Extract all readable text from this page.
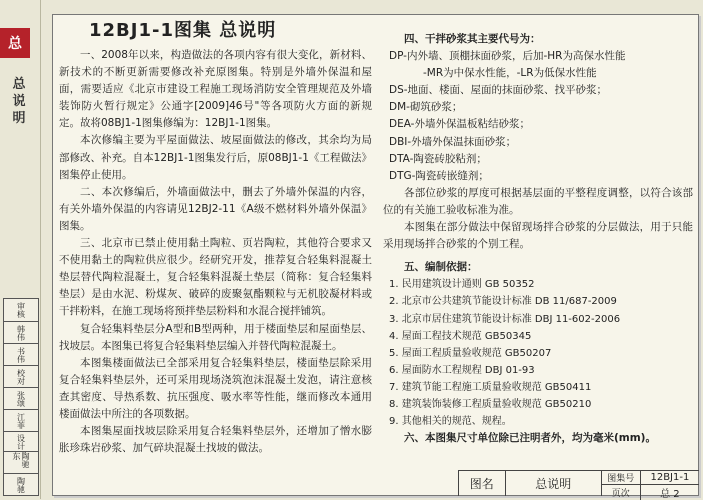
总
总说明
审核
韩伟
书伟
校对
张颂
江菲
设计
陶驰东
陶驰
12BJ1-1图集 总说明

一、2008年以来，构造做法的各项内容有很大变化，新材料、新技术的不断更新需要修改补充原图集。特别是外墙外保温和屋面，需要适应《北京市建设工程施工现场消防安全管理规范及外墙装饰防火暂行规定》公通字[2009]46号"等各项防火方面的新规定。故将08BJ1-1图集修编为：12BJ1-1图集。

本次修编主要为平屋面做法、坡屋面做法的修改，其余均为局部修改、补充。自本12BJ1-1图集发行后，原08BJ1-1《工程做法》图集停止使用。

二、本次修编后，外墙面做法中，删去了外墙外保温的内容，有关外墙外保温的内容请见12BJ2-11《A级不燃材料外墙外保温》图集。

三、北京市已禁止使用黏土陶粒、页岩陶粒，其他符合要求又不使用黏土的陶粒供应很少。经研究开发，推荐复合轻集料混凝土垫层替代陶粒混凝土，复合轻集料混凝土垫层（简称：复合轻集料垫层）是由水泥、粉煤灰、破碎的废聚氨酯颗粒与无机胶凝材料或干拌粉料，在施工现场将预拌垫层粉料和水混合搅拌铺筑。

复合轻集料垫层分A型和B型两种，用于楼面垫层和屋面垫层、找坡层。本图集已将复合轻集料垫层编入并替代陶粒混凝土。

本图集楼面做法已全部采用复合轻集料垫层，楼面垫层除采用复合轻集料垫层外，还可采用现场浇筑泡沫混凝土发泡，请注意核查其密度、导热系数、抗压强度、吸水率等性能，继而修改本通用楼面做法中所注的各项数据。

本图集屋面找坡层除采用复合轻集料垫层外，还增加了憎水膨胀珍珠岩砂浆、加气碎块混凝土找坡的做法。

四、干拌砂浆其主要代号为：

DP-内外墙、顶棚抹面砂浆，后加-HR为高保水性能

-MR为中保水性能，-LR为低保水性能

DS-地面、楼面、屋面的抹面砂浆、找平砂浆；

DM-砌筑砂浆；

DEA-外墙外保温板粘结砂浆；

DBI-外墙外保温抹面砂浆；

DTA-陶瓷砖胶粘剂；

DTG-陶瓷砖嵌缝剂；

各部位砂浆的厚度可根据基层面的平整程度调整，以符合该部位的有关施工验收标准为准。

本图集在部分做法中保留现场拌合砂浆的分层做法，用于只能采用现场拌合砂浆的个别工程。

五、编制依据：

1. 民用建筑设计通则 GB 50352

2. 北京市公共建筑节能设计标准 DB 11/687-2009

3. 北京市居住建筑节能设计标准 DBJ 11-602-2006

4. 屋面工程技术规范 GB50345

5. 屋面工程质量验收规范 GB50207

6. 屋面防水工程规程 DBJ 01-93

7. 建筑节能工程施工质量验收规范 GB50411

8. 建筑装饰装修工程质量验收规范 GB50210

9. 其他相关的规范、规程。

六、本图集尺寸单位除已注明者外，均为毫米(mm)。

图名	总说明	图集号	12BJ1-1
页次	总 2
